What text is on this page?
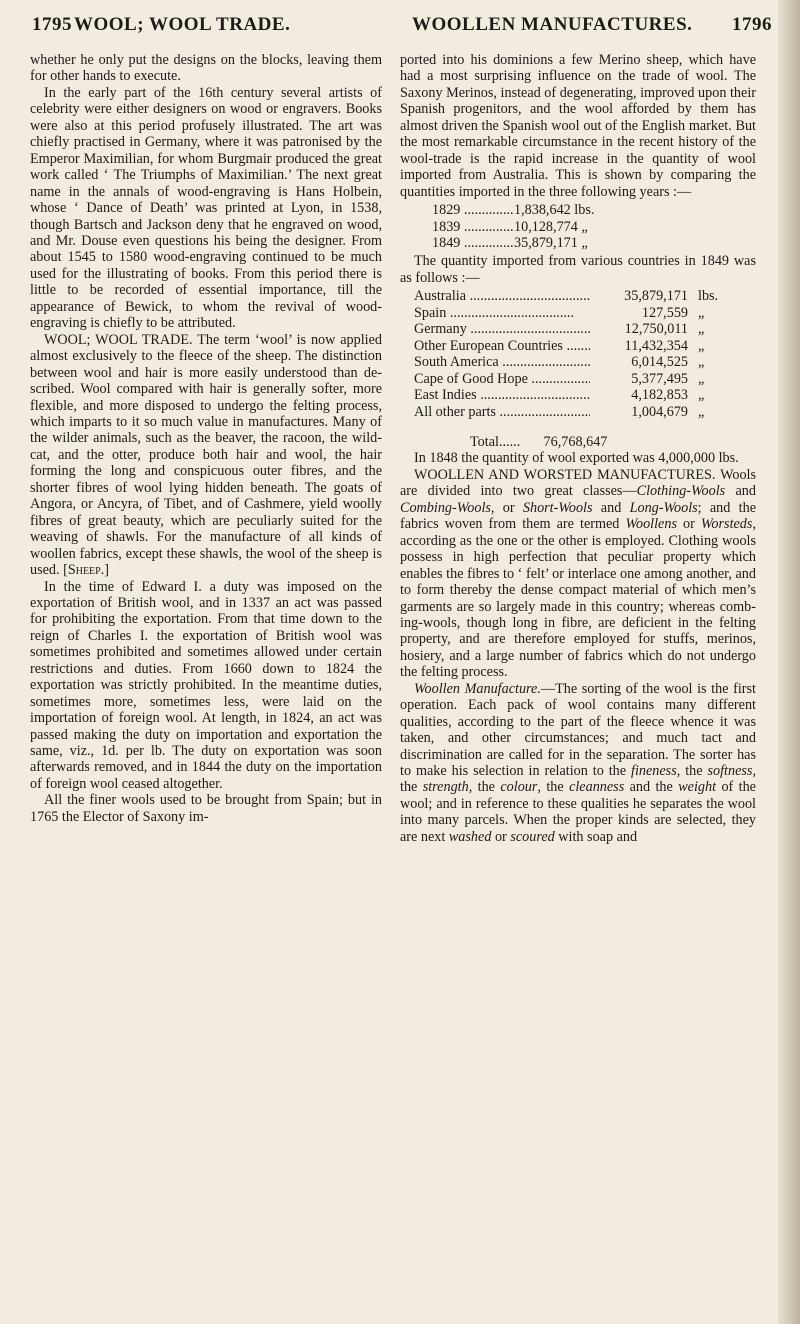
1795 WOOL; WOOL TRADE.	WOOLLEN MANUFACTURES. 1796

whether he only put the designs on the blocks, leaving them for other hands to execute.

In the early part of the 16th century several artists of celebrity were either designers on wood or engravers. Books were also at this period profusely illustrated. The art was chiefly practised in Germany, where it was patronised by the Emperor Maximilian, for whom Burgmair produced the great work called ‘ The Triumphs of Maximilian.’ The next great name in the annals of wood-engraving is Hans Holbein, whose ‘ Dance of Death’ was printed at Lyon, in 1538, though Bartsch and Jackson deny that he engraved on wood, and Mr. Douse even questions his being the designer. From about 1545 to 1580 wood-engraving continued to be much used for the illustrating of books. From this period there is little to be recorded of essential importance, till the appearance of Bewick, to whom the revival of wood-engraving is chiefly to be attributed.

WOOL; WOOL TRADE. The term ‘wool’ is now applied almost exclusively to the fleece of the sheep. The distinction between wool and hair is more easily understood than described. Wool compared with hair is generally softer, more flexible, and more disposed to undergo the felting process, which imparts to it so much value in manufactures. Many of the wilder animals, such as the beaver, the racoon, the wild-cat, and the otter, produce both hair and wool, the hair forming the long and conspicuous outer fibres, and the shorter fibres of wool lying hidden beneath. The goats of Angora, or Ancyra, of Tibet, and of Cashmere, yield woolly fibres of great beauty, which are peculiarly suited for the weaving of shawls. For the manufacture of all kinds of woollen fabrics, except these shawls, the wool of the sheep is used. [Sheep.]

In the time of Edward I. a duty was imposed on the exportation of British wool, and in 1337 an act was passed for prohibiting the exportation. From that time down to the reign of Charles I. the exportation of British wool was sometimes prohibited and sometimes allowed under certain restrictions and duties. From 1660 down to 1824 the exportation was strictly prohibited. In the meantime duties, sometimes more, sometimes less, were laid on the importation of foreign wool. At length, in 1824, an act was passed making the duty on importation and exportation the same, viz., 1d. per lb. The duty on exportation was soon afterwards removed, and in 1844 the duty on the importation of foreign wool ceased altogether.

All the finer wools used to be brought from Spain; but in 1765 the Elector of Saxony im-

ported into his dominions a few Merino sheep, which have had a most surprising influence on the trade of wool. The Saxony Merinos, instead of degenerating, improved upon their Spanish progenitors, and the wool afforded by them has almost driven the Spanish wool out of the English market. But the most remarkable circumstance in the recent history of the wool-trade is the rapid increase in the quantity of wool imported from Australia. This is shown by comparing the quantities imported in the three following years :—

1829 .....	1,838,642 lbs.
1839 .....	10,128,774 „
1849 .....	35,879,171 „

The quantity imported from various countries in 1849 was as follows :—

Australia .....	35,879,171 lbs.
Spain .....	127,559 „
Germany .....	12,750,011 „
Other European Countries .....	11,432,354 „
South America .....	6,014,525 „
Cape of Good Hope .....	5,377,495 „
East Indies .....	4,182,853 „
All other parts .....	1,004,679 „
Total ......	76,768,647

In 1848 the quantity of wool exported was 4,000,000 lbs.

WOOLLEN AND WORSTED MANUFACTURES. Wools are divided into two great classes—Clothing-Wools and Combing-Wools, or Short-Wools and Long-Wools; and the fabrics woven from them are termed Woollens or Worsteds, according as the one or the other is employed. Clothing wools possess in high perfection that peculiar property which enables the fibres to ‘ felt’ or interlace one among another, and to form thereby the dense compact material of which men’s garments are so largely made in this country; whereas combing-wools, though long in fibre, are deficient in the felting property, and are therefore employed for stuffs, merinos, hosiery, and a large number of fabrics which do not undergo the felting process.

Woollen Manufacture.—The sorting of the wool is the first operation. Each pack of wool contains many different qualities, according to the part of the fleece whence it was taken, and other circumstances; and much tact and discrimination are called for in the separation. The sorter has to make his selection in relation to the fineness, the softness, the strength, the colour, the cleanness and the weight of the wool; and in reference to these qualities he separates the wool into many parcels. When the proper kinds are selected, they are next washed or scoured with soap and
